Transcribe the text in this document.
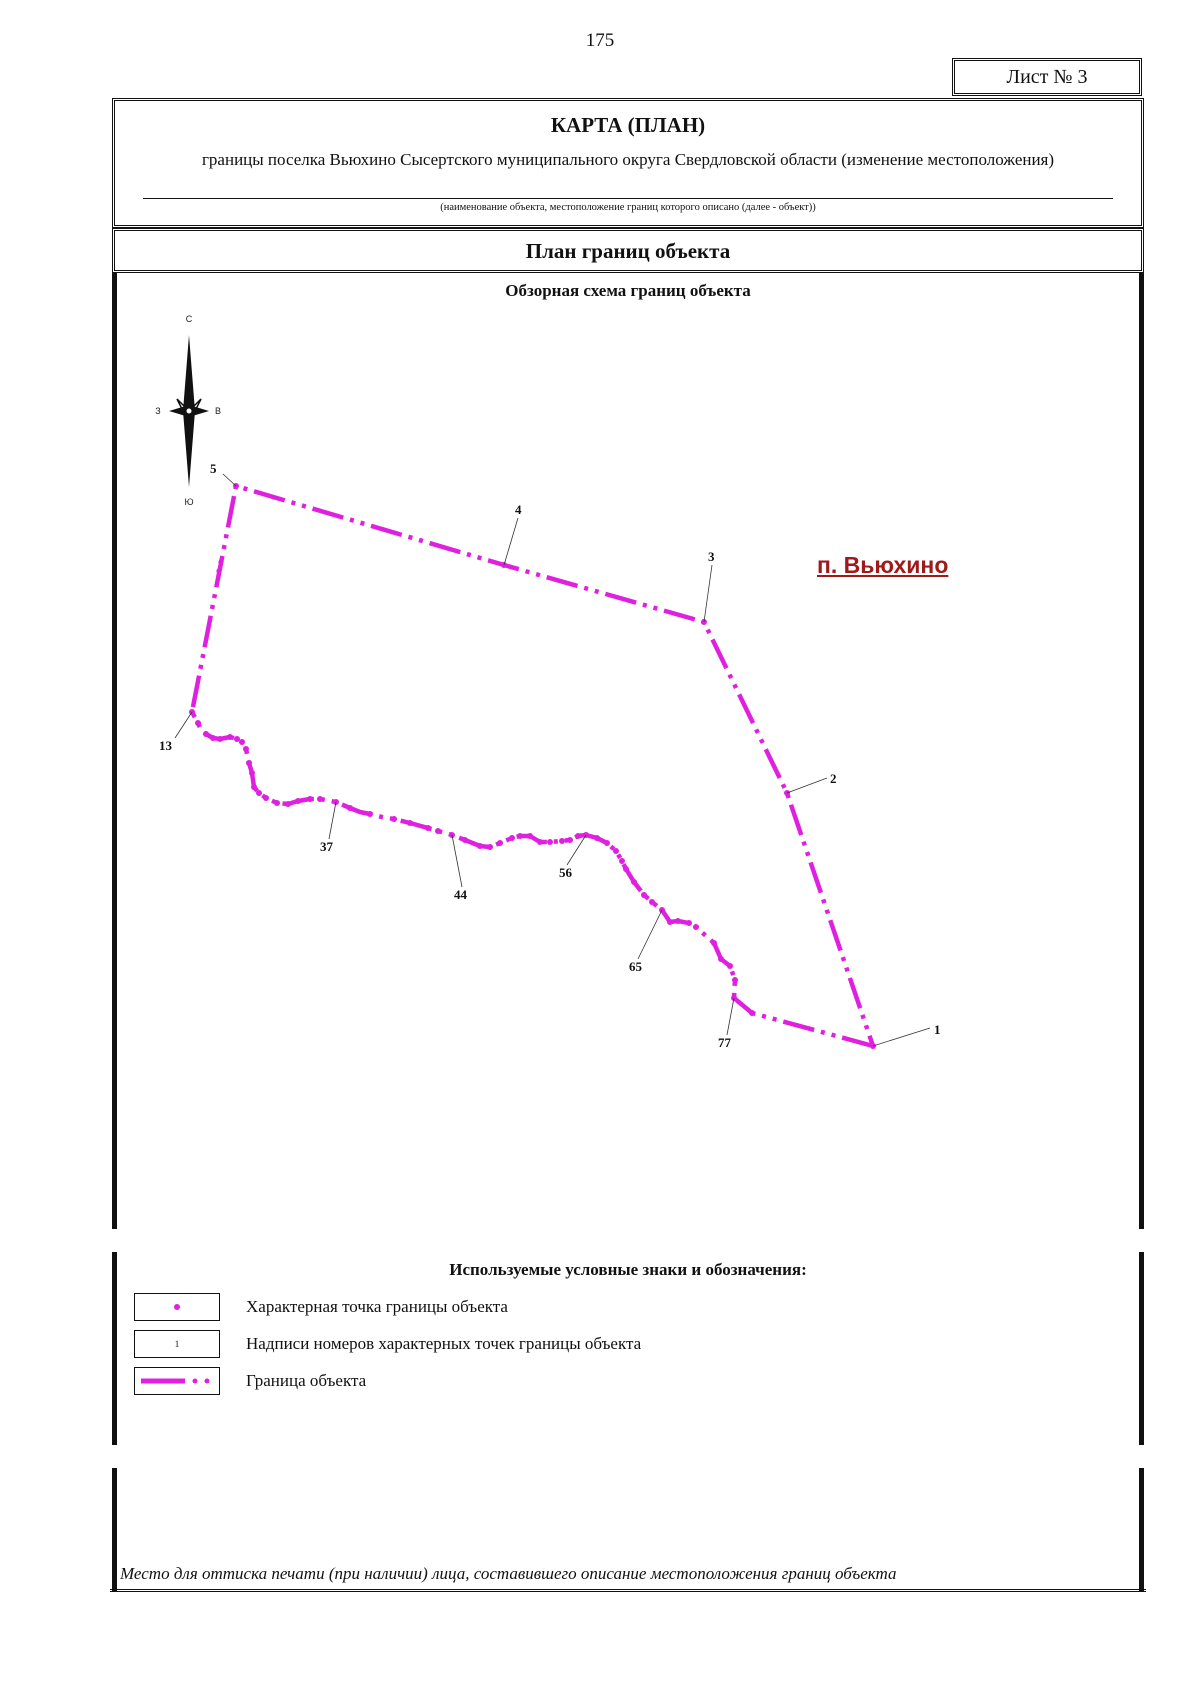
175
Лист № 3
КАРТА (ПЛАН)
границы поселка Вьюхино Сысертского муниципального округа Свердловской области (изменение местоположения)
(наименование объекта, местоположение границ которого описано (далее - объект))
План границ объекта
Обзорная схема границ объекта
С
Ю
З	В
1
2
3
4
5
13
37
44
56
65
77
п. Вьюхино
Используемые условные знаки и обозначения:
Характерная точка границы объекта
1	Надписи номеров характерных точек границы объекта
Граница объекта
Место для оттиска печати (при наличии) лица, составившего описание местоположения границ объекта
